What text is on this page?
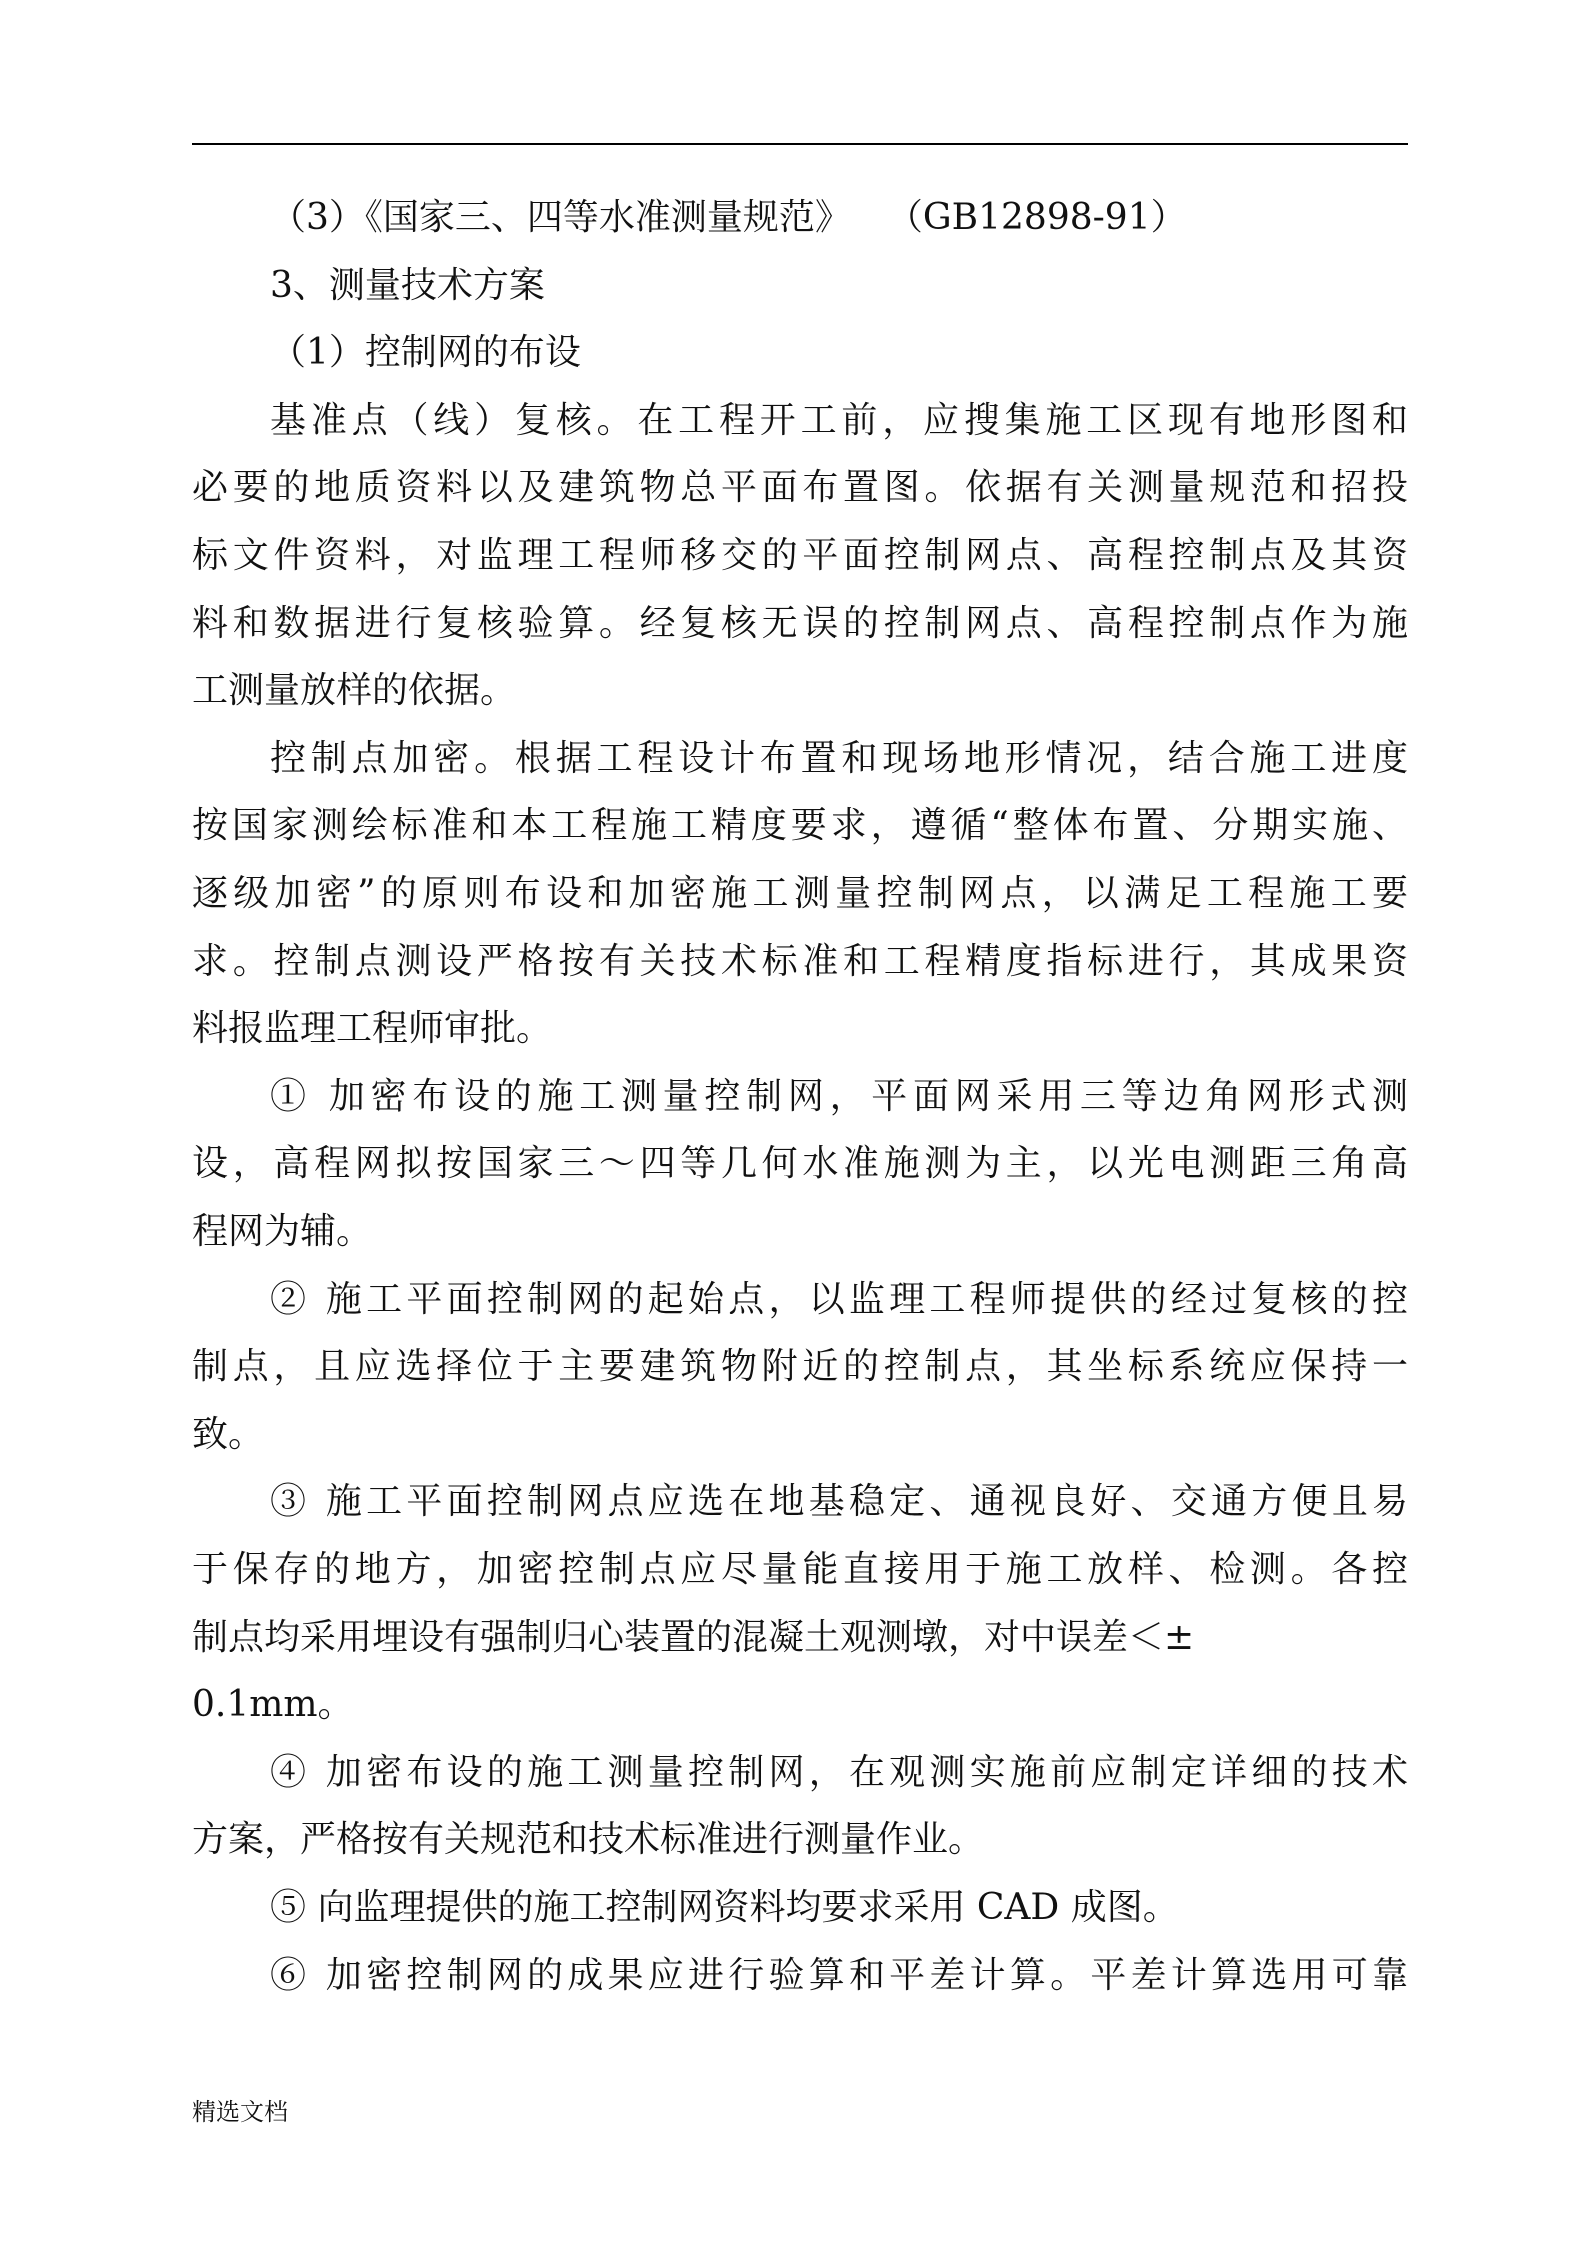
（3）《国家三、四等水准测量规范》　　（GB12898-91）
3、测量技术方案
（1）控制网的布设
基准点（线）复核。在工程开工前，应搜集施工区现有地形图和
必要的地质资料以及建筑物总平面布置图。依据有关测量规范和招投
标文件资料，对监理工程师移交的平面控制网点、高程控制点及其资
料和数据进行复核验算。经复核无误的控制网点、高程控制点作为施
工测量放样的依据。
控制点加密。根据工程设计布置和现场地形情况，结合施工进度
按国家测绘标准和本工程施工精度要求，遵循“整体布置、分期实施、
逐级加密”的原则布设和加密施工测量控制网点，以满足工程施工要
求。控制点测设严格按有关技术标准和工程精度指标进行，其成果资
料报监理工程师审批。
① 加密布设的施工测量控制网，平面网采用三等边角网形式测
设，高程网拟按国家三～四等几何水准施测为主，以光电测距三角高
程网为辅。
② 施工平面控制网的起始点，以监理工程师提供的经过复核的控
制点，且应选择位于主要建筑物附近的控制点，其坐标系统应保持一
致。
③ 施工平面控制网点应选在地基稳定、通视良好、交通方便且易
于保存的地方，加密控制点应尽量能直接用于施工放样、检测。各控
制点均采用埋设有强制归心装置的混凝土观测墩，对中误差＜±
0.1mm。
④ 加密布设的施工测量控制网，在观测实施前应制定详细的技术
方案，严格按有关规范和技术标准进行测量作业。
⑤ 向监理提供的施工控制网资料均要求采用 CAD 成图。
⑥ 加密控制网的成果应进行验算和平差计算。平差计算选用可靠
精选文档
